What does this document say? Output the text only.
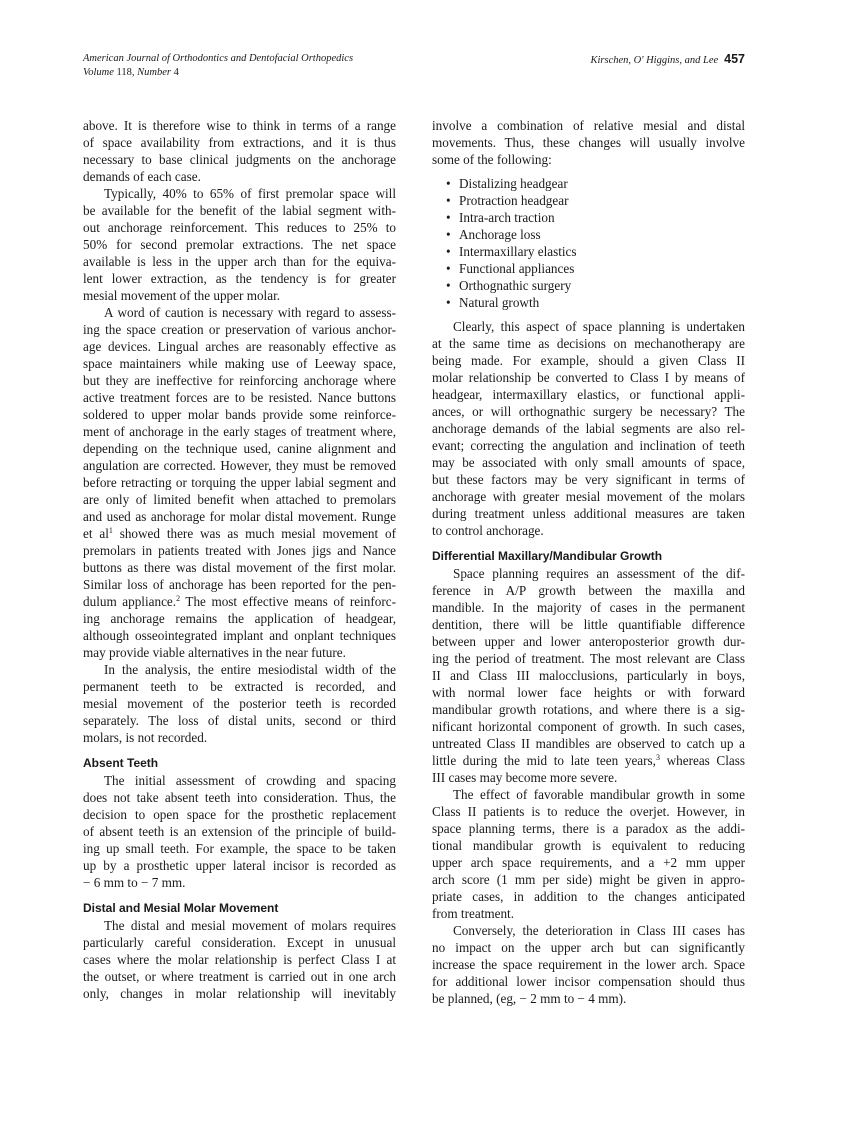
American Journal of Orthodontics and Dentofacial Orthopedics
Volume 118, Number 4
Kirschen, O' Higgins, and Lee 457
above. It is therefore wise to think in terms of a range
of space availability from extractions, and it is thus
necessary to base clinical judgments on the anchorage
demands of each case.
Typically, 40% to 65% of first premolar space will
be available for the benefit of the labial segment with-
out anchorage reinforcement. This reduces to 25% to
50% for second premolar extractions. The net space
available is less in the upper arch than for the equiva-
lent lower extraction, as the tendency is for greater
mesial movement of the upper molar.
A word of caution is necessary with regard to assess-
ing the space creation or preservation of various anchor-
age devices. Lingual arches are reasonably effective as
space maintainers while making use of Leeway space,
but they are ineffective for reinforcing anchorage where
active treatment forces are to be resisted. Nance buttons
soldered to upper molar bands provide some reinforce-
ment of anchorage in the early stages of treatment where,
depending on the technique used, canine alignment and
angulation are corrected. However, they must be removed
before retracting or torquing the upper labial segment and
are only of limited benefit when attached to premolars
and used as anchorage for molar distal movement. Runge
et $al^1$ showed there was as much mesial movement of
premolars in patients treated with Jones jigs and Nance
buttons as there was distal movement of the first molar.
Similar loss of anchorage has been reported for the pen-
dulum appliance.$^2$ The most effective means of reinforc-
ing anchorage remains the application of headgear,
although osseointegrated implant and onplant techniques
may provide viable alternatives in the near future.
In the analysis, the entire mesiodistal width of the
permanent teeth to be extracted is recorded, and
mesial movement of the posterior teeth is recorded
separately. The loss of distal units, second or third
molars, is not recorded.
Absent Teeth
The initial assessment of crowding and spacing
does not take absent teeth into consideration. Thus, the
decision to open space for the prosthetic replacement
of absent teeth is an extension of the principle of build-
ing up small teeth. For example, the space to be taken
up by a prosthetic upper lateral incisor is recorded as
− 6 mm to − 7 mm.
Distal and Mesial Molar Movement
The distal and mesial movement of molars requires
particularly careful consideration. Except in unusual
cases where the molar relationship is perfect Class I at
the outset, or where treatment is carried out in one arch
only, changes in molar relationship will inevitably
involve a combination of relative mesial and distal
movements. Thus, these changes will usually involve
some of the following:
• Distalizing headgear
• Protraction headgear
• Intra-arch traction
• Anchorage loss
• Intermaxillary elastics
• Functional appliances
• Orthognathic surgery
• Natural growth
Clearly, this aspect of space planning is undertaken
at the same time as decisions on mechanotherapy are
being made. For example, should a given Class II
molar relationship be converted to Class I by means of
headgear, intermaxillary elastics, or functional appli-
ances, or will orthognathic surgery be necessary? The
anchorage demands of the labial segments are also rel-
evant; correcting the angulation and inclination of teeth
may be associated with only small amounts of space,
but these factors may be very significant in terms of
anchorage with greater mesial movement of the molars
during treatment unless additional measures are taken
to control anchorage.
Differential Maxillary/Mandibular Growth
Space planning requires an assessment of the dif-
ference in A/P growth between the maxilla and
mandible. In the majority of cases in the permanent
dentition, there will be little quantifiable difference
between upper and lower anteroposterior growth dur-
ing the period of treatment. The most relevant are Class
II and Class III malocclusions, particularly in boys,
with normal lower face heights or with forward
mandibular growth rotations, and where there is a sig-
nificant horizontal component of growth. In such cases,
untreated Class II mandibles are observed to catch up a
little during the mid to late teen years,$^3$ whereas Class
III cases may become more severe.
The effect of favorable mandibular growth in some
Class II patients is to reduce the overjet. However, in
space planning terms, there is a paradox as the addi-
tional mandibular growth is equivalent to reducing
upper arch space requirements, and a +2 mm upper
arch score (1 mm per side) might be given in appro-
priate cases, in addition to the changes anticipated
from treatment.
Conversely, the deterioration in Class III cases has
no impact on the upper arch but can significantly
increase the space requirement in the lower arch. Space
for additional lower incisor compensation should thus
be planned, (eg, − 2 mm to − 4 mm).
